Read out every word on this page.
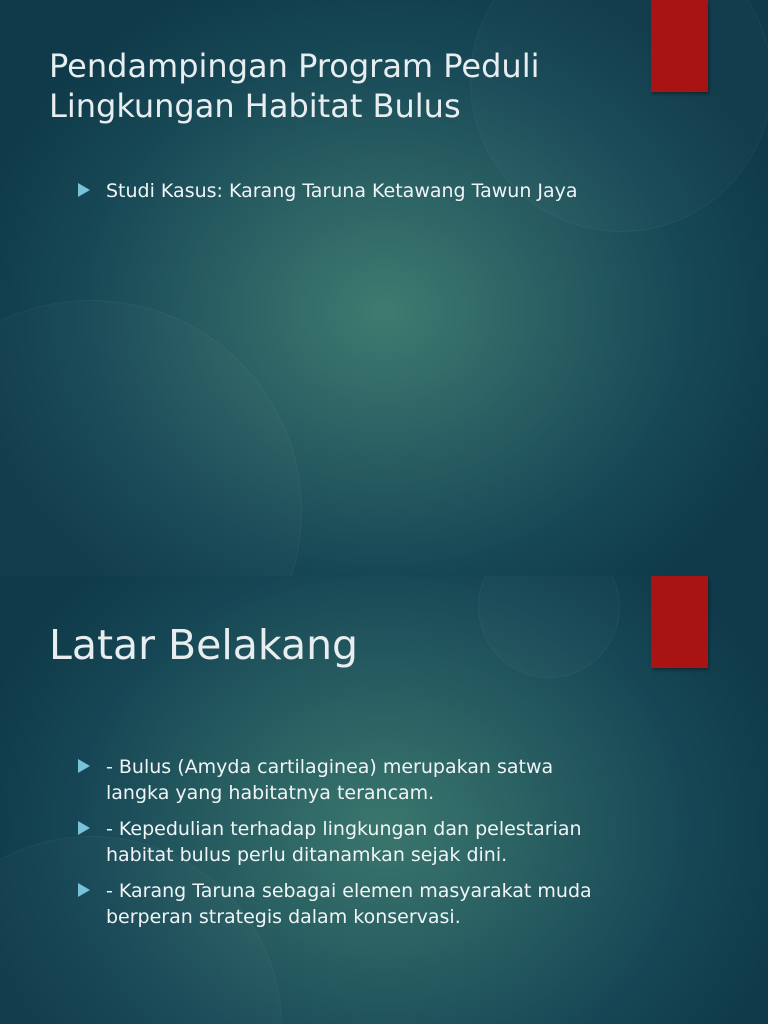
Pendampingan Program Peduli Lingkungan Habitat Bulus
Studi Kasus: Karang Taruna Ketawang Tawun Jaya
Latar Belakang
- Bulus (Amyda cartilaginea) merupakan satwa langka yang habitatnya terancam.
- Kepedulian terhadap lingkungan dan pelestarian habitat bulus perlu ditanamkan sejak dini.
- Karang Taruna sebagai elemen masyarakat muda berperan strategis dalam konservasi.
